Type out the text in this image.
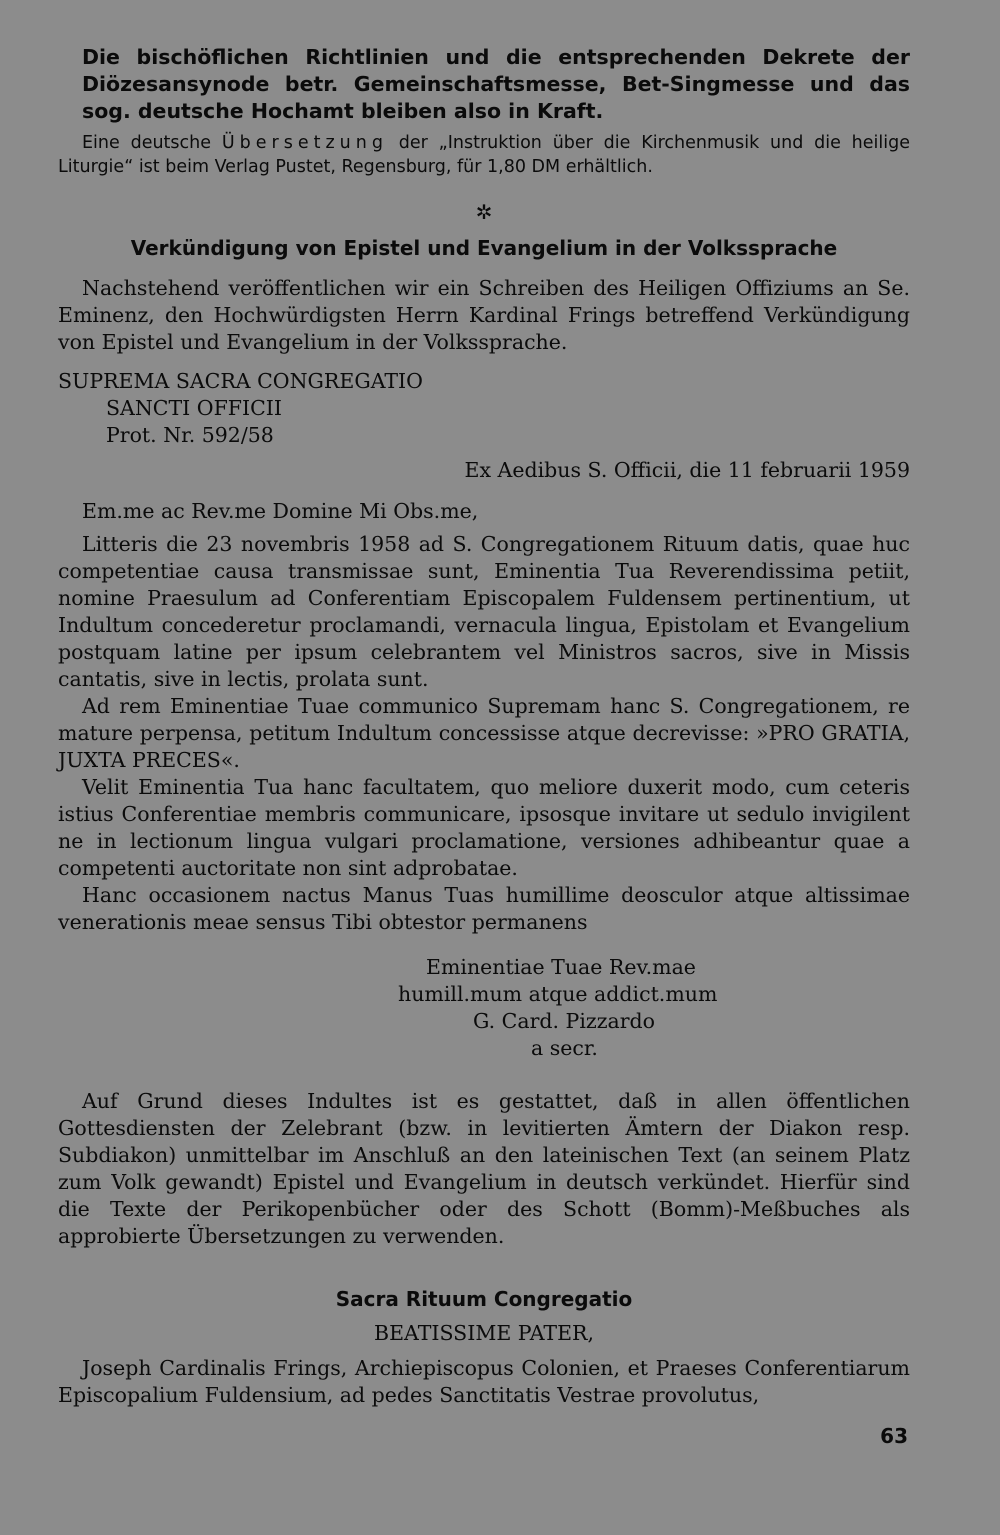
Die bischöflichen Richtlinien und die entsprechenden Dekrete der Diözesansynode betr. Gemeinschaftsmesse, Bet-Singmesse und das sog. deutsche Hochamt bleiben also in Kraft.

Eine deutsche Übersetzung der „Instruktion über die Kirchenmusik und die heilige Liturgie“ ist beim Verlag Pustet, Regensburg, für 1,80 DM erhältlich.
✲
Verkündigung von Epistel und Evangelium in der Volkssprache

Nachstehend veröffentlichen wir ein Schreiben des Heiligen Offiziums an Se. Eminenz, den Hochwürdigsten Herrn Kardinal Frings betreffend Verkündigung von Epistel und Evangelium in der Volkssprache.

SUPREMA SACRA CONGREGATIO
SANCTI OFFICII
Prot. Nr. 592/58
Ex Aedibus S. Officii, die 11 februarii 1959
Em.me ac Rev.me Domine Mi Obs.me,

Litteris die 23 novembris 1958 ad S. Congregationem Rituum datis, quae huc competentiae causa transmissae sunt, Eminentia Tua Reverendissima petiit, nomine Praesulum ad Conferentiam Episcopalem Fuldensem pertinentium, ut Indultum concederetur proclamandi, vernacula lingua, Epistolam et Evangelium postquam latine per ipsum celebrantem vel Ministros sacros, sive in Missis cantatis, sive in lectis, prolata sunt.

Ad rem Eminentiae Tuae communico Supremam hanc S. Congregationem, re mature perpensa, petitum Indultum concessisse atque decrevisse: »PRO GRATIA, JUXTA PRECES«.

Velit Eminentia Tua hanc facultatem, quo meliore duxerit modo, cum ceteris istius Conferentiae membris communicare, ipsosque invitare ut sedulo invigilent ne in lectionum lingua vulgari proclamatione, versiones adhibeantur quae a competenti auctoritate non sint adprobatae.

Hanc occasionem nactus Manus Tuas humillime deosculor atque altissimae venerationis meae sensus Tibi obtestor permanens

Eminentiae Tuae Rev.mae
humill.mum atque addict.mum
G. Card. Pizzardo
a secr.

Auf Grund dieses Indultes ist es gestattet, daß in allen öffentlichen Gottesdiensten der Zelebrant (bzw. in levitierten Ämtern der Diakon resp. Subdiakon) unmittelbar im Anschluß an den lateinischen Text (an seinem Platz zum Volk gewandt) Epistel und Evangelium in deutsch verkündet. Hierfür sind die Texte der Perikopenbücher oder des Schott (Bomm)-Meßbuches als approbierte Übersetzungen zu verwenden.

Sacra Rituum Congregatio
BEATISSIME PATER,

Joseph Cardinalis Frings, Archiepiscopus Colonien, et Praeses Conferentiarum Episcopalium Fuldensium, ad pedes Sanctitatis Vestrae provolutus,

63
